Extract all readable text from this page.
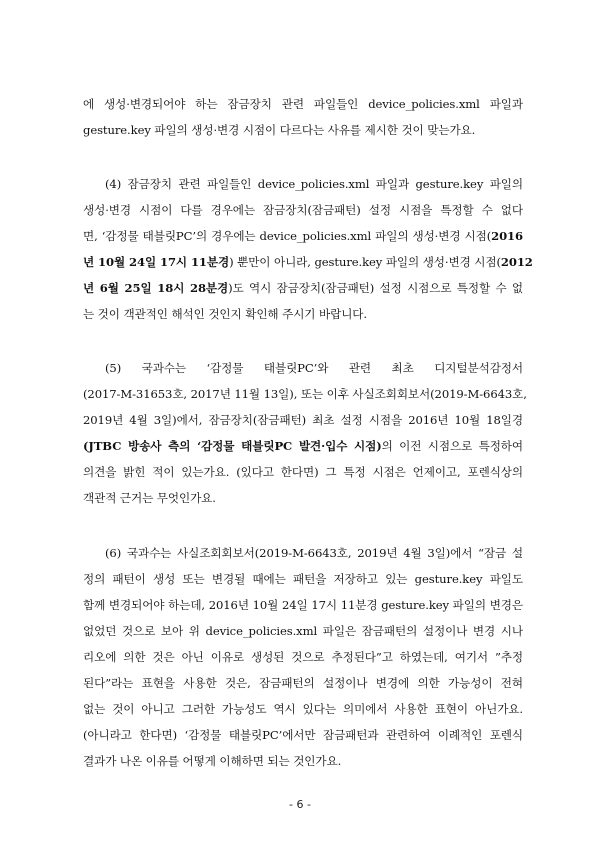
에 생성·변경되어야 하는 잠금장치 관련 파일들인 device_policies.xml 파일과
gesture.key 파일의 생성·변경 시점이 다르다는 사유를 제시한 것이 맞는가요.
(4) 잠금장치 관련 파일들인 device_policies.xml 파일과 gesture.key 파일의
생성·변경 시점이 다를 경우에는 잠금장치(잠금패턴) 설정 시점을 특정할 수 없다
면, ‘감정물 태블릿PC’의 경우에는 device_policies.xml 파일의 생성·변경 시점(2016
년 10월 24일 17시 11분경) 뿐만이 아니라, gesture.key 파일의 생성·변경 시점(2012
년 6월 25일 18시 28분경)도 역시 잠금장치(잠금패턴) 설정 시점으로 특정할 수 없
는 것이 객관적인 해석인 것인지 확인해 주시기 바랍니다.
(5) 국과수는 ‘감정물 태블릿PC’와 관련 최초 디지털분석감정서
(2017-M-31653호, 2017년 11월 13일), 또는 이후 사실조회회보서(2019-M-6643호,
2019년 4월 3일)에서, 잠금장치(잠금패턴) 최초 설정 시점을 2016년 10월 18일경
(JTBC 방송사 측의 ‘감정물 태블릿PC 발견·입수 시점)의 이전 시점으로 특정하여
의견을 밝힌 적이 있는가요. (있다고 한다면) 그 특정 시점은 언제이고, 포렌식상의
객관적 근거는 무엇인가요.
(6) 국과수는 사실조회회보서(2019-M-6643호, 2019년 4월 3일)에서 “잠금 설
정의 패턴이 생성 또는 변경될 때에는 패턴을 저장하고 있는 gesture.key 파일도
함께 변경되어야 하는데, 2016년 10월 24일 17시 11분경 gesture.key 파일의 변경은
없었던 것으로 보아 위 device_policies.xml 파일은 잠금패턴의 설정이나 변경 시나
리오에 의한 것은 아닌 이유로 생성된 것으로 추정된다”고 하였는데, 여기서 ”추정
된다”라는 표현을 사용한 것은, 잠금패턴의 설정이나 변경에 의한 가능성이 전혀
없는 것이 아니고 그러한 가능성도 역시 있다는 의미에서 사용한 표현이 아닌가요.
(아니라고 한다면) ‘감정물 태블릿PC’에서만 잠금패턴과 관련하여 이례적인 포렌식
결과가 나온 이유를 어떻게 이해하면 되는 것인가요.
- 6 -
